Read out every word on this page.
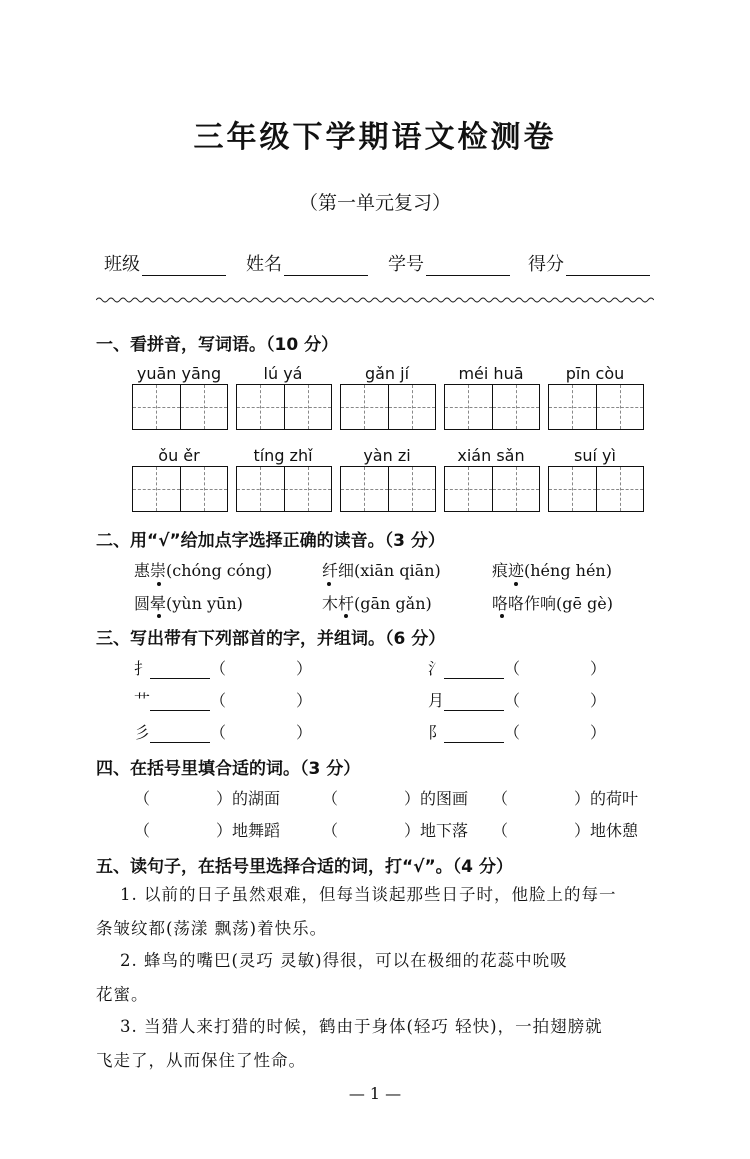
三年级下学期语文检测卷
（第一单元复习）
班级	姓名	学号	得分
一、看拼音，写词语。（10 分）
yuān yāng	lú yá	gǎn jí	méi huā	pīn còu
ǒu ěr	tíng zhǐ	yàn zi	xián sǎn	suí yì
二、用“√”给加点字选择正确的读音。（3 分）
惠崇(chóng cóng)	纤细(xiān qiān)	痕迹(héng hén)
圆晕(yùn yūn)	木杆(gān gǎn)	咯咯作响(gē gè)
三、写出带有下列部首的字，并组词。（6 分）
扌	（	）	氵	（	）
艹	（	）	月	（	）
彡	（	）	阝	（	）
四、在括号里填合适的词。（3 分）
（	）的湖面	（	）的图画 （	）的荷叶
（	）地舞蹈	（	）地下落 （	）地休憩
五、读句子，在括号里选择合适的词，打“√”。（4 分）
1. 以前的日子虽然艰难，但每当谈起那些日子时，他脸上的每一
条皱纹都(荡漾 飘荡)着快乐。
2. 蜂鸟的嘴巴(灵巧 灵敏)得很，可以在极细的花蕊中吮吸
花蜜。
3. 当猎人来打猎的时候，鹤由于身体(轻巧 轻快)，一拍翅膀就
飞走了，从而保住了性命。
— 1 —
